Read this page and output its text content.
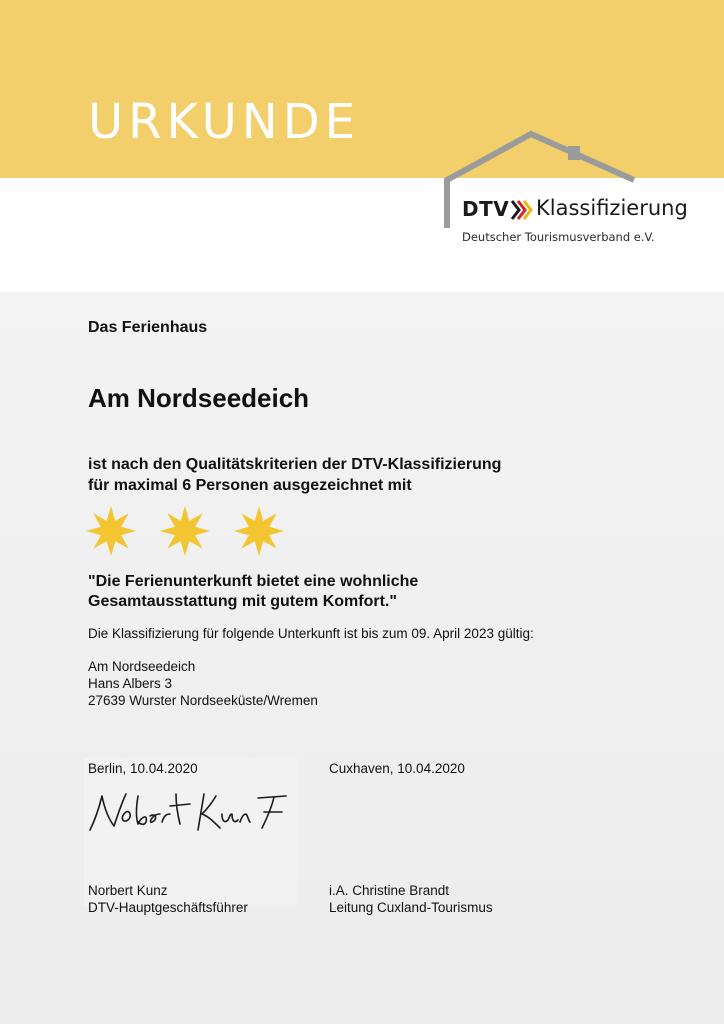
URKUNDE
DTV Klassifizierung
Deutscher Tourismusverband e.V.

Das Ferienhaus

Am Nordseedeich

ist nach den Qualitätskriterien der DTV-Klassifizierung
für maximal 6 Personen ausgezeichnet mit

"Die Ferienunterkunft bietet eine wohnliche
Gesamtausstattung mit gutem Komfort."

Die Klassifizierung für folgende Unterkunft ist bis zum 09. April 2023 gültig:

Am Nordseedeich
Hans Albers 3
27639 Wurster Nordseeküste/Wremen

Berlin, 10.04.2020	Cuxhaven, 10.04.2020

Norbert Kunz
DTV-Hauptgeschäftsführer

i.A. Christine Brandt
Leitung Cuxland-Tourismus
